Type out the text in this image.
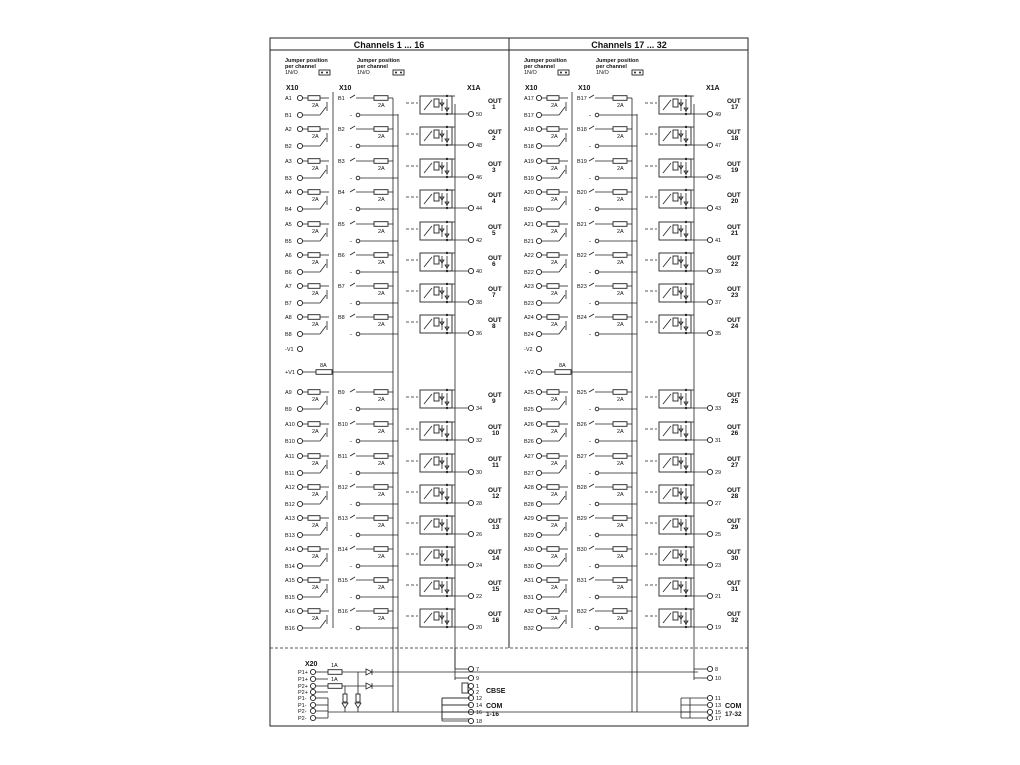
Channels 1 ... 16	Channels 17 ... 32
Jumper position
per channel
1N/O
Jumper position
per channel
1N/O
X10	X10	X1A
A1
B1
2A
B1
2A
-	50
OUT
1
A2
B2
2A
B2
2A
-	48
OUT
2
A3
B3
2A
B3
2A
-	46
OUT
3
A4
B4
2A
B4
2A
-	44
OUT
4
A5
B5
2A
B5
2A
-	42
OUT
5
A6
B6
2A
B6
2A
-	40
OUT
6
A7
B7
2A
B7
2A
-	38
OUT
7
A8
B8
2A
B8
2A
-	36
OUT
8
A9
B9
2A
B9
2A
-	34
OUT
9
A10
B10
2A
B10
2A
-	32
OUT
10
A11
B11
2A
B11
2A
-	30
OUT
11
A12
B12
2A
B12
2A
-	28
OUT
12
A13
B13
2A
B13
2A
-	26
OUT
13
A14
B14
2A
B14
2A
-	24
OUT
14
A15
B15
2A
B15
2A
-	22
OUT
15
A16
B16
2A
B16
2A
-	20
OUT
16
-V1
+V1
8A
7
9
1
2 CBSE
12
14
16
18
COM
1-16
Jumper position
per channel
1N/O
Jumper position
per channel
1N/O
X10	X10	X1A
A17
B17
2A
B17
2A
-	49
OUT
17
A18
B18
2A
B18
2A
-	47
OUT
18
A19
B19
2A
B19
2A
-	45
OUT
19
A20
B20
2A
B20
2A
-	43
OUT
20
A21
B21
2A
B21
2A
-	41
OUT
21
A22
B22
2A
B22
2A
-	39
OUT
22
A23
B23
2A
B23
2A
-	37
OUT
23
A24
B24
2A
B24
2A
-	35
OUT
24
A25
B25
2A
B25
2A
-	33
OUT
25
A26
B26
2A
B26
2A
-	31
OUT
26
A27
B27
2A
B27
2A
-	29
OUT
27
A28
B28
2A
B28
2A
-	27
OUT
28
A29
B29
2A
B29
2A
-	25
OUT
29
A30
B30
2A
B30
2A
-	23
OUT
30
A31
B31
2A
B31
2A
-	21
OUT
31
A32
B32
2A
B32
2A
-	19
OUT
32
-V2
+V2
8A
8
10
11
13
15
17
COM
17-32
X20
P1+
P1+
P2+
P2+
P1-
P1-
P2-
P2-
1A
1A
